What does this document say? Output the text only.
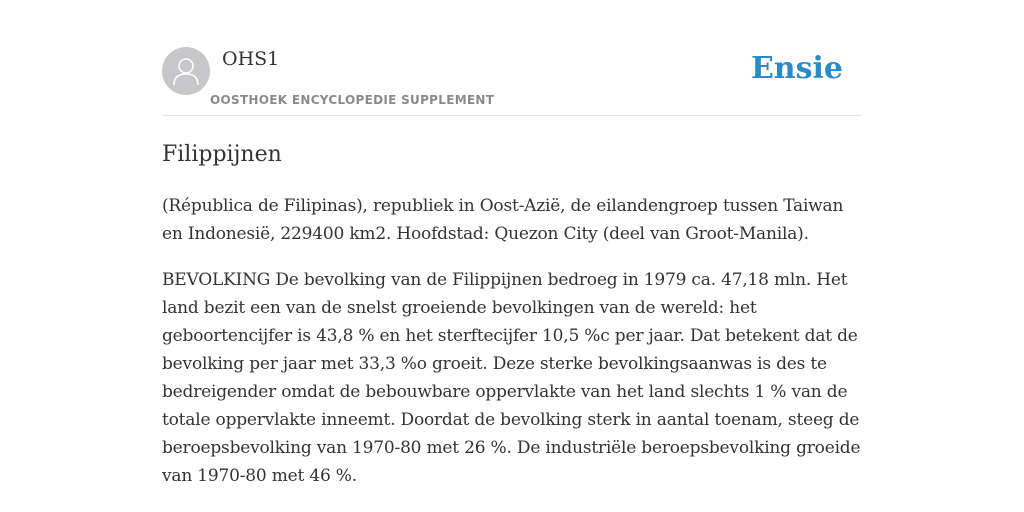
OHS1
OOSTHOEK ENCYCLOPEDIE SUPPLEMENT
Ensie
Filippijnen

(Républica de Filipinas), republiek in Oost-Azië, de eilandengroep tussen Taiwan en Indonesië, 229400 km2. Hoofdstad: Quezon City (deel van Groot-Manila).

BEVOLKING De bevolking van de Filippijnen bedroeg in 1979 ca. 47,18 mln. Het land bezit een van de snelst groeiende bevolkingen van de wereld: het geboortencijfer is 43,8 % en het sterftecijfer 10,5 %c per jaar. Dat betekent dat de bevolking per jaar met 33,3 %o groeit. Deze sterke bevolkingsaanwas is des te bedreigender omdat de bebouwbare oppervlakte van het land slechts 1 % van de totale oppervlakte inneemt. Doordat de bevolking sterk in aantal toenam, steeg de beroepsbevolking van 1970-80 met 26 %. De industriële beroepsbevolking groeide van 1970-80 met 46 %.
